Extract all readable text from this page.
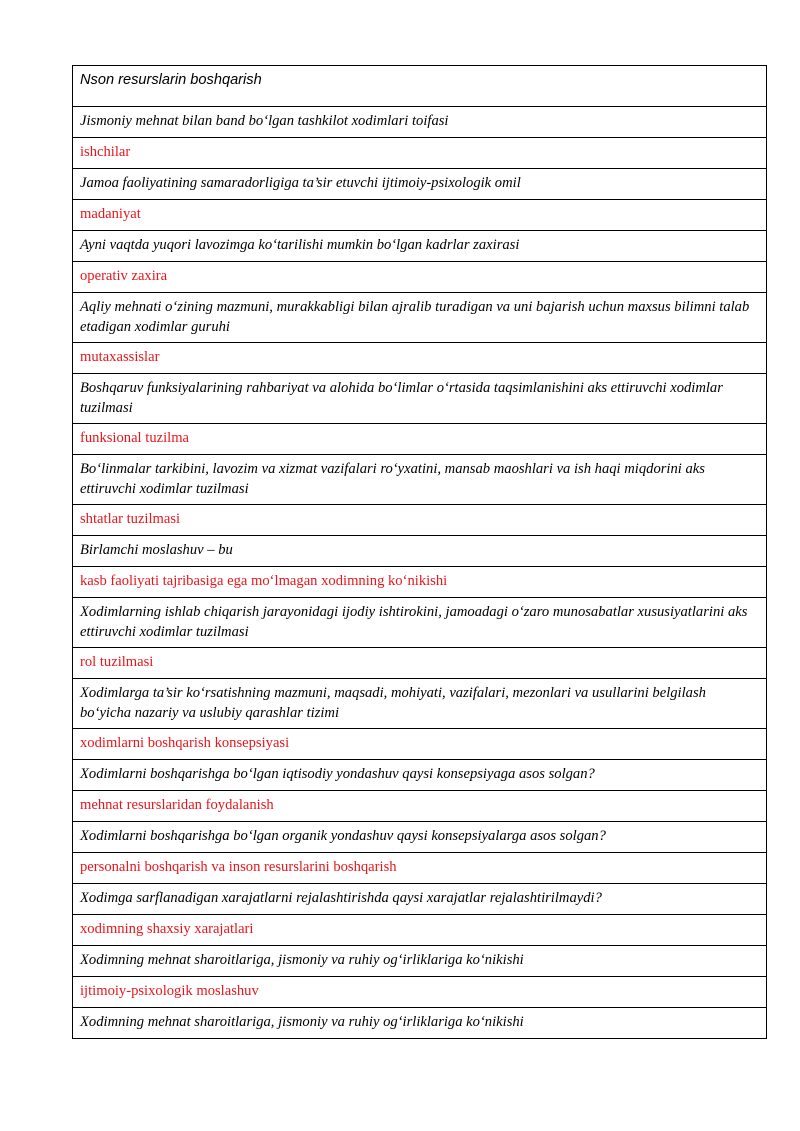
Nson resurslarin boshqarish
Jismoniy mehnat bilan band bo‘lgan tashkilot xodimlari toifasi
ishchilar
Jamoa faoliyatining samaradorligiga ta’sir etuvchi ijtimoiy-psixologik omil
madaniyat
Ayni vaqtda yuqori lavozimga ko‘tarilishi mumkin bo‘lgan kadrlar zaxirasi
operativ zaxira
Aqliy mehnati o‘zining mazmuni, murakkabligi bilan ajralib turadigan va uni bajarish uchun maxsus bilimni talab etadigan xodimlar guruhi
mutaxassislar
Boshqaruv funksiyalarining rahbariyat va alohida bo‘limlar o‘rtasida taqsimlanishini aks ettiruvchi xodimlar tuzilmasi
funksional tuzilma
Bo‘linmalar tarkibini, lavozim va xizmat vazifalari ro‘yxatini, mansab maoshlari va ish haqi miqdorini aks ettiruvchi xodimlar tuzilmasi
shtatlar tuzilmasi
Birlamchi moslashuv – bu
kasb faoliyati tajribasiga ega mo‘lmagan xodimning ko‘nikishi
Xodimlarning ishlab chiqarish jarayonidagi ijodiy ishtirokini, jamoadagi o‘zaro munosabatlar xususiyatlarini aks ettiruvchi xodimlar tuzilmasi
rol tuzilmasi
Xodimlarga ta’sir ko‘rsatishning mazmuni, maqsadi, mohiyati, vazifalari, mezonlari va usullarini belgilash bo‘yicha nazariy va uslubiy qarashlar tizimi
xodimlarni boshqarish konsepsiyasi
Xodimlarni boshqarishga bo‘lgan iqtisodiy yondashuv qaysi konsepsiyaga asos solgan?
mehnat resurslaridan foydalanish
Xodimlarni boshqarishga bo‘lgan organik yondashuv qaysi konsepsiyalarga asos solgan?
personalni boshqarish va inson resurslarini boshqarish
Xodimga sarflanadigan xarajatlarni rejalashtirishda qaysi xarajatlar rejalashtirilmaydi?
xodimning shaxsiy xarajatlari
Xodimning mehnat sharoitlariga, jismoniy va ruhiy og‘irliklariga ko‘nikishi
ijtimoiy-psixologik moslashuv
Xodimning mehnat sharoitlariga, jismoniy va ruhiy og‘irliklariga ko‘nikishi
